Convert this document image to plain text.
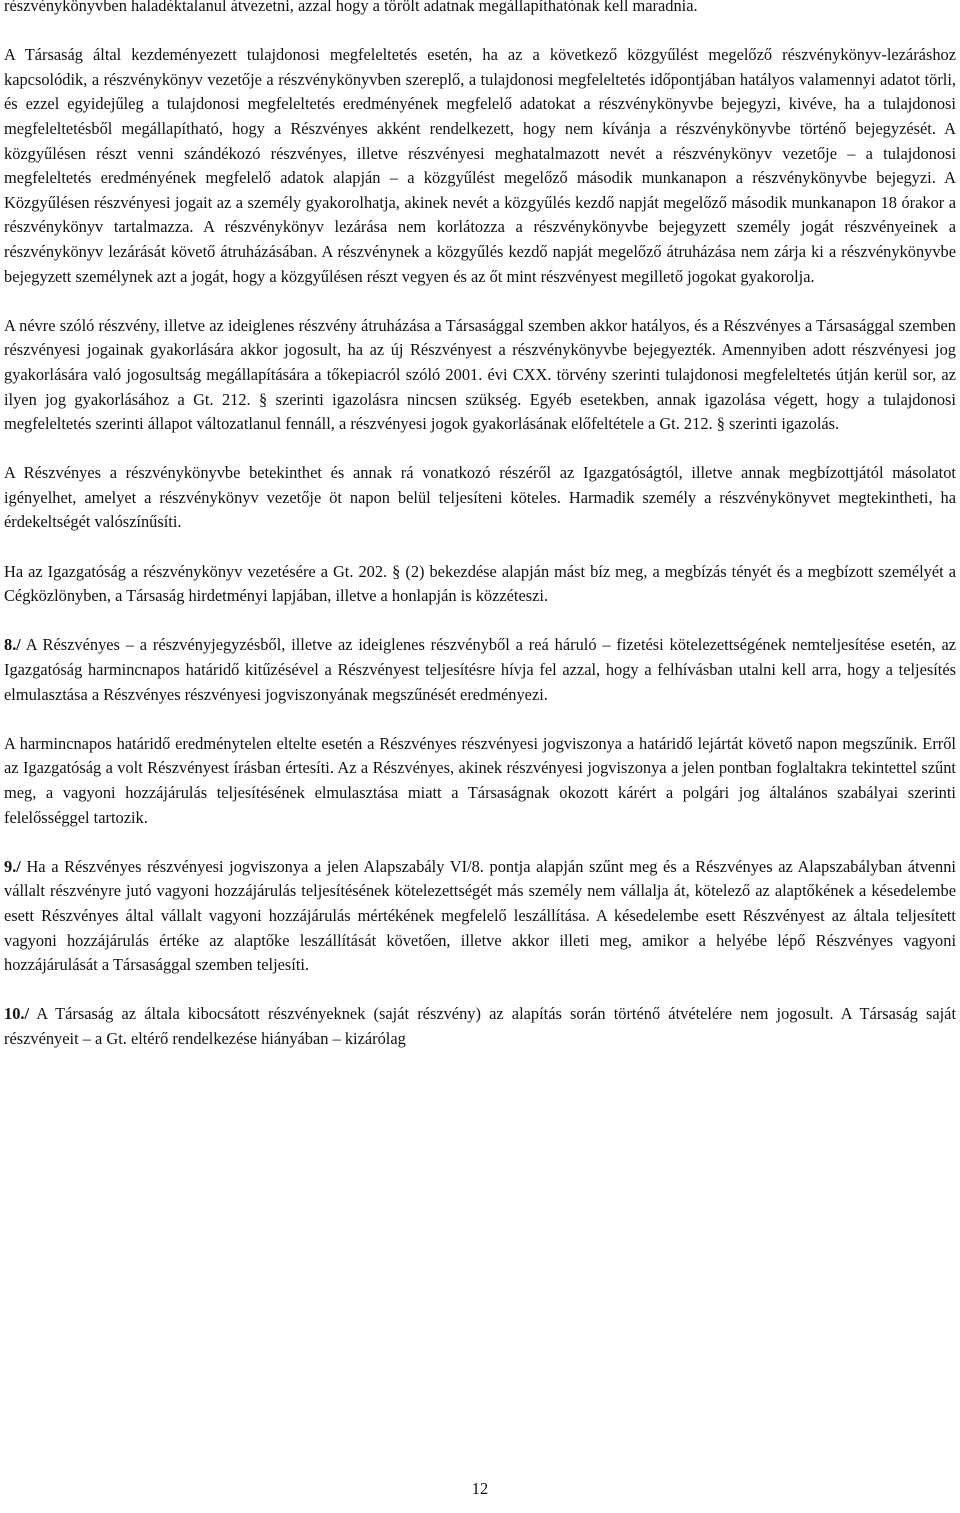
részvénykönyvben haladéktalanul átvezetni, azzal hogy a törölt adatnak megállapíthatónak kell maradnia.

A Társaság által kezdeményezett tulajdonosi megfeleltetés esetén, ha az a következő közgyűlést megelőző részvénykönyv-lezáráshoz kapcsolódik, a részvénykönyv vezetője a részvénykönyvben szereplő, a tulajdonosi megfeleltetés időpontjában hatályos valamennyi adatot törli, és ezzel egyidejűleg a tulajdonosi megfeleltetés eredményének megfelelő adatokat a részvénykönyvbe bejegyzi, kivéve, ha a tulajdonosi megfeleltetésből megállapítható, hogy a Részvényes akként rendelkezett, hogy nem kívánja a részvénykönyvbe történő bejegyzését. A közgyűlésen részt venni szándékozó részvényes, illetve részvényesi meghatalmazott nevét a részvénykönyv vezetője – a tulajdonosi megfeleltetés eredményének megfelelő adatok alapján – a közgyűlést megelőző második munkanapon a részvénykönyvbe bejegyzi. A Közgyűlésen részvényesi jogait az a személy gyakorolhatja, akinek nevét a közgyűlés kezdő napját megelőző második munkanapon 18 órakor a részvénykönyv tartalmazza. A részvénykönyv lezárása nem korlátozza a részvénykönyvbe bejegyzett személy jogát részvényeinek a részvénykönyv lezárását követő átruházásában. A részvénynek a közgyűlés kezdő napját megelőző átruházása nem zárja ki a részvénykönyvbe bejegyzett személynek azt a jogát, hogy a közgyűlésen részt vegyen és az őt mint részvényest megillető jogokat gyakorolja.

A névre szóló részvény, illetve az ideiglenes részvény átruházása a Társasággal szemben akkor hatályos, és a Részvényes a Társasággal szemben részvényesi jogainak gyakorlására akkor jogosult, ha az új Részvényest a részvénykönyvbe bejegyezték. Amennyiben adott részvényesi jog gyakorlására való jogosultság megállapítására a tőkepiacról szóló 2001. évi CXX. törvény szerinti tulajdonosi megfeleltetés útján kerül sor, az ilyen jog gyakorlásához a Gt. 212. § szerinti igazolásra nincsen szükség. Egyéb esetekben, annak igazolása végett, hogy a tulajdonosi megfeleltetés szerinti állapot változatlanul fennáll, a részvényesi jogok gyakorlásának előfeltétele a Gt. 212. § szerinti igazolás.

A Részvényes a részvénykönyvbe betekinthet és annak rá vonatkozó részéről az Igazgatóságtól, illetve annak megbízottjától másolatot igényelhet, amelyet a részvénykönyv vezetője öt napon belül teljesíteni köteles. Harmadik személy a részvénykönyvet megtekintheti, ha érdekeltségét valószínűsíti.

Ha az Igazgatóság a részvénykönyv vezetésére a Gt. 202. § (2) bekezdése alapján mást bíz meg, a megbízás tényét és a megbízott személyét a Cégközlönyben, a Társaság hirdetményi lapjában, illetve a honlapján is közzéteszi.

8./ A Részvényes – a részvényjegyzésből, illetve az ideiglenes részvényből a reá háruló – fizetési kötelezettségének nemteljesítése esetén, az Igazgatóság harmincnapos határidő kitűzésével a Részvényest teljesítésre hívja fel azzal, hogy a felhívásban utalni kell arra, hogy a teljesítés elmulasztása a Részvényes részvényesi jogviszonyának megszűnését eredményezi.

A harmincnapos határidő eredménytelen eltelte esetén a Részvényes részvényesi jogviszonya a határidő lejártát követő napon megszűnik. Erről az Igazgatóság a volt Részvényest írásban értesíti. Az a Részvényes, akinek részvényesi jogviszonya a jelen pontban foglaltakra tekintettel szűnt meg, a vagyoni hozzájárulás teljesítésének elmulasztása miatt a Társaságnak okozott kárért a polgári jog általános szabályai szerinti felelősséggel tartozik.

9./ Ha a Részvényes részvényesi jogviszonya a jelen Alapszabály VI/8. pontja alapján szűnt meg és a Részvényes az Alapszabályban átvenni vállalt részvényre jutó vagyoni hozzájárulás teljesítésének kötelezettségét más személy nem vállalja át, kötelező az alaptőkének a késedelembe esett Részvényes által vállalt vagyoni hozzájárulás mértékének megfelelő leszállítása. A késedelembe esett Részvényest az általa teljesített vagyoni hozzájárulás értéke az alaptőke leszállítását követően, illetve akkor illeti meg, amikor a helyébe lépő Részvényes vagyoni hozzájárulását a Társasággal szemben teljesíti.

10./ A Társaság az általa kibocsátott részvényeknek (saját részvény) az alapítás során történő átvételére nem jogosult. A Társaság saját részvényeit – a Gt. eltérő rendelkezése hiányában – kizárólag

12
